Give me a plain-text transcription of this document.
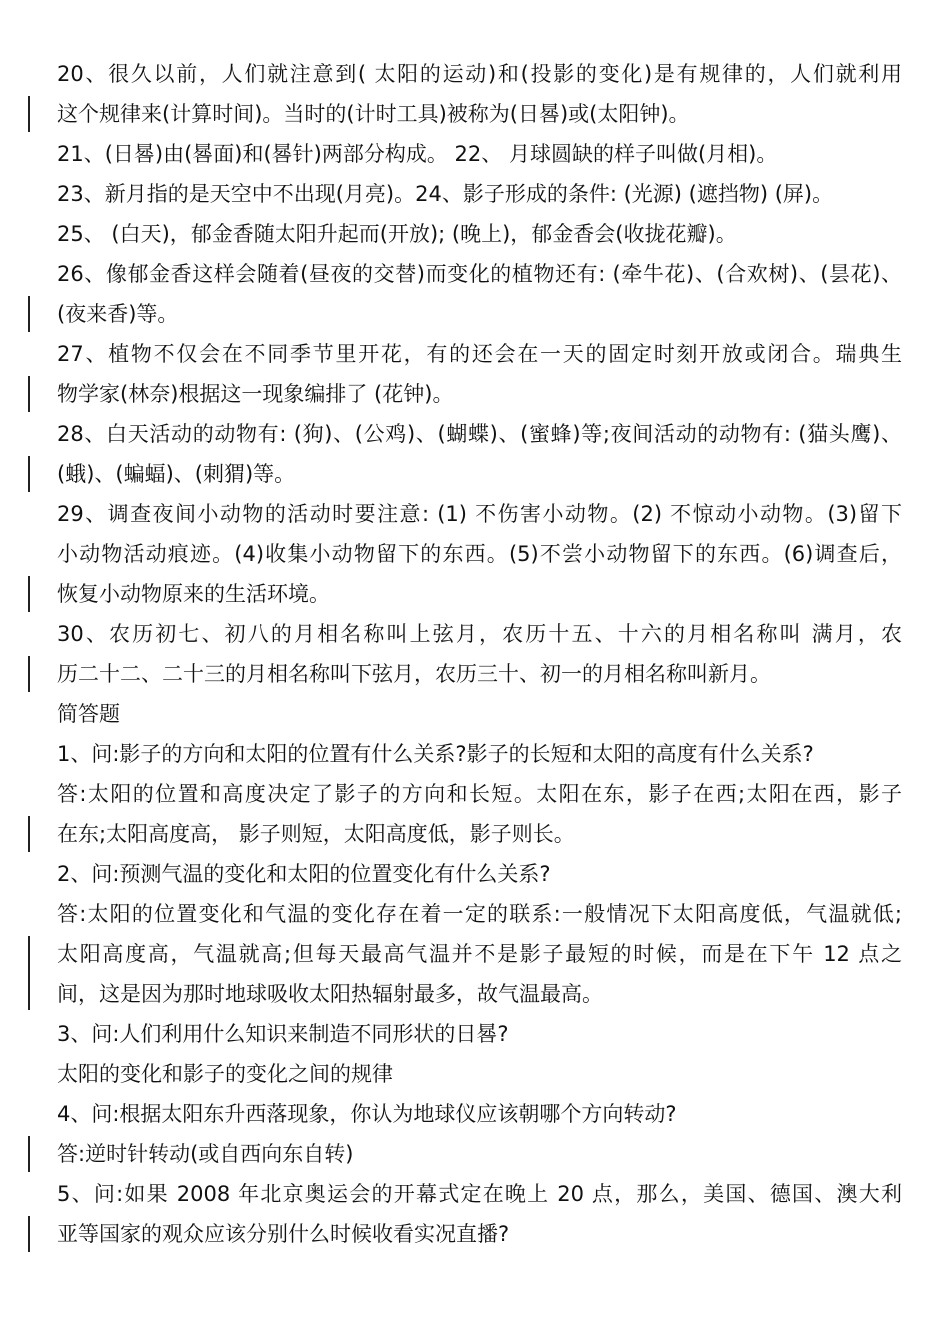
20、很久以前，人们就注意到( 太阳的运动)和(投影的变化)是有规律的，人们就利用
这个规律来(计算时间)。当时的(计时工具)被称为(日晷)或(太阳钟)。
21、(日晷)由(晷面)和(晷针)两部分构成。 22、 月球圆缺的样子叫做(月相)。
23、新月指的是天空中不出现(月亮)。24、影子形成的条件: (光源) (遮挡物) (屏)。
25、 (白天)，郁金香随太阳升起而(开放); (晚上)，郁金香会(收拢花瓣)。
26、像郁金香这样会随着(昼夜的交替)而变化的植物还有: (牵牛花)、(合欢树)、(昙花)、
(夜来香)等。
27、植物不仅会在不同季节里开花，有的还会在一天的固定时刻开放或闭合。瑞典生
物学家(林奈)根据这一现象编排了 (花钟)。
28、白天活动的动物有: (狗)、(公鸡)、(蝴蝶)、(蜜蜂)等;夜间活动的动物有: (猫头鹰)、
(蛾)、(蝙蝠)、(刺猬)等。
29、调查夜间小动物的活动时要注意: (1) 不伤害小动物。(2) 不惊动小动物。(3)留下
小动物活动痕迹。(4)收集小动物留下的东西。(5)不尝小动物留下的东西。(6)调查后，
恢复小动物原来的生活环境。
30、农历初七、初八的月相名称叫上弦月，农历十五、十六的月相名称叫 满月，农
历二十二、二十三的月相名称叫下弦月，农历三十、初一的月相名称叫新月。
简答题
1、问:影子的方向和太阳的位置有什么关系?影子的长短和太阳的高度有什么关系?
答:太阳的位置和高度决定了影子的方向和长短。太阳在东，影子在西;太阳在西，影子
在东;太阳高度高， 影子则短，太阳高度低，影子则长。
2、问:预测气温的变化和太阳的位置变化有什么关系?
答:太阳的位置变化和气温的变化存在着一定的联系:一般情况下太阳高度低，气温就低;
太阳高度高，气温就高;但每天最高气温并不是影子最短的时候，而是在下午 12 点之
间，这是因为那时地球吸收太阳热辐射最多，故气温最高。
3、问:人们利用什么知识来制造不同形状的日晷?
太阳的变化和影子的变化之间的规律
4、问:根据太阳东升西落现象，你认为地球仪应该朝哪个方向转动?
答:逆时针转动(或自西向东自转)
5、问:如果 2008 年北京奥运会的开幕式定在晚上 20 点，那么，美国、德国、澳大利
亚等国家的观众应该分别什么时候收看实况直播?
